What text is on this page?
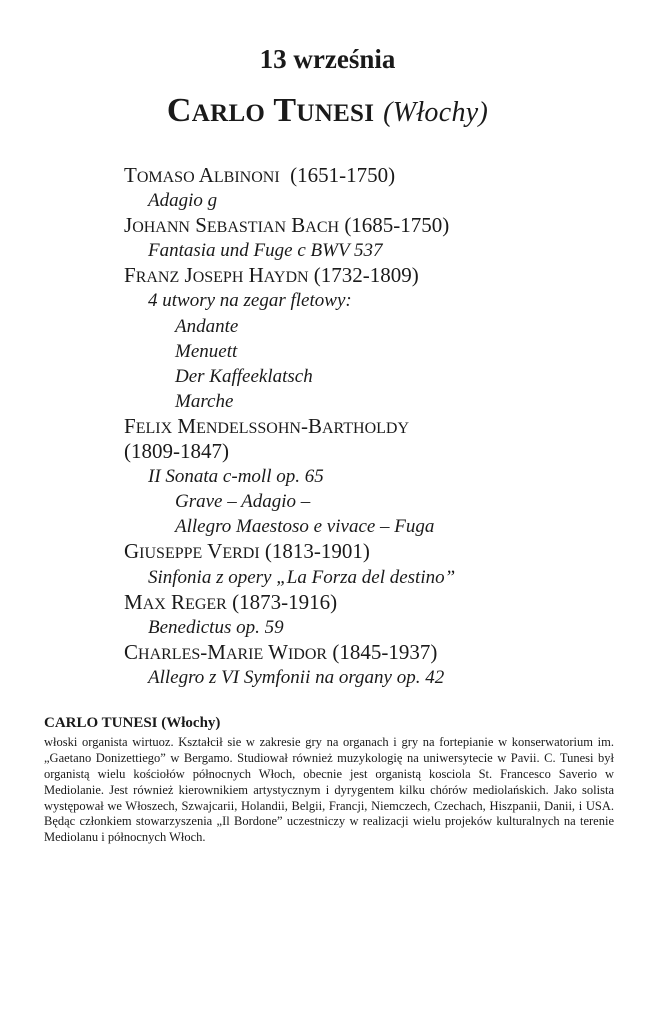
13 września
CARLO TUNESI (Włochy)
TOMASO ALBINONI  (1651-1750)
Adagio g
JOHANN SEBASTIAN BACH (1685-1750)
Fantasia und Fuge c BWV 537
FRANZ JOSEPH HAYDN (1732-1809)
4 utwory na zegar fletowy:
Andante
Menuett
Der Kaffeeklatsch
Marche
FELIX MENDELSSOHN-BARTHOLDY
(1809-1847)
II Sonata c-moll op. 65
Grave – Adagio –
Allegro Maestoso e vivace – Fuga
GIUSEPPE VERDI (1813-1901)
Sinfonia z opery „La Forza del destino”
MAX REGER (1873-1916)
Benedictus op. 59
CHARLES-MARIE WIDOR (1845-1937)
Allegro z VI Symfonii na organy op. 42
CARLO TUNESI (Włochy)
włoski organista wirtuoz. Kształcił sie w zakresie gry na organach i gry na fortepianie w konserwatorium im. „Gaetano Donizettiego” w Bergamo. Studiował również muzykologię na uniwersytecie w Pavii. C. Tunesi był organistą wielu kościołów północnych Włoch, obecnie jest organistą kosciola St. Francesco Saverio w Mediolanie. Jest również kierownikiem artystycznym i dyrygentem kilku chórów mediolańskich. Jako solista występował we Włoszech, Szwajcarii, Holandii, Belgii, Francji, Niemczech, Czechach, Hiszpanii, Danii, i USA. Będąc członkiem stowarzyszenia „Il Bordone” uczestniczy w realizacji wielu projeków kulturalnych na terenie Mediolanu i północnych Włoch.
